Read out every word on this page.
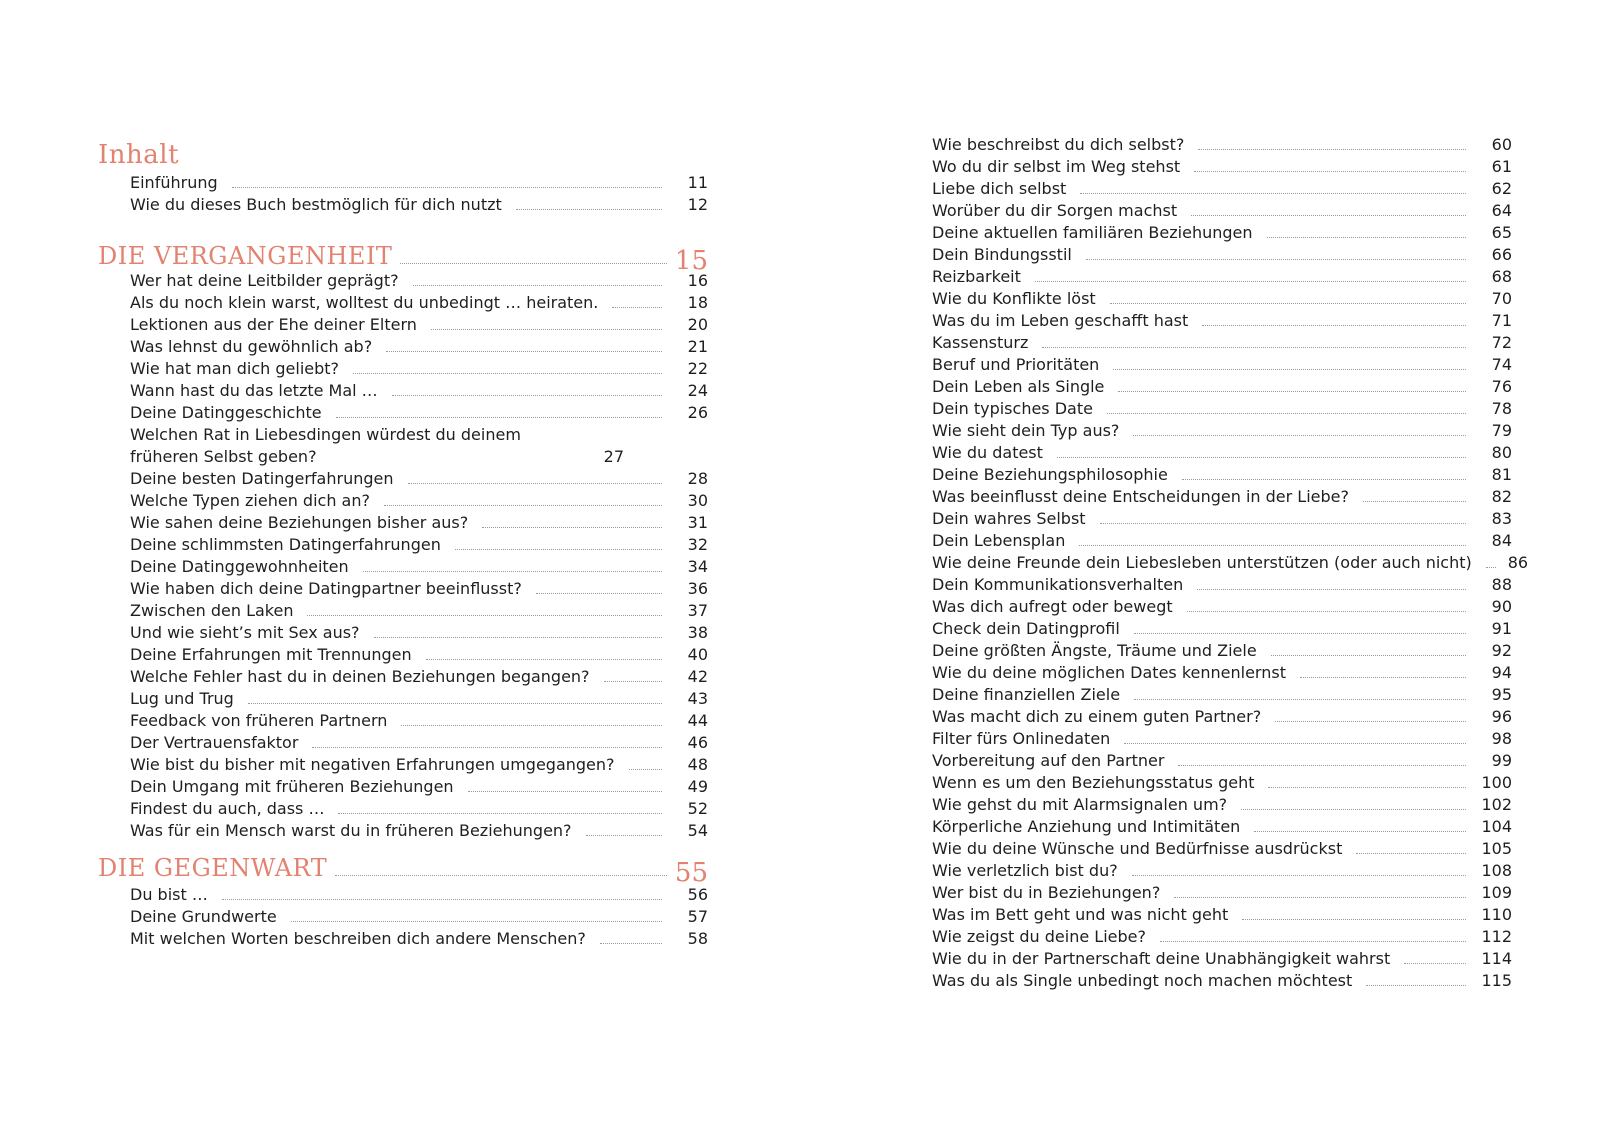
Inhalt
Einführung	11
Wie du dieses Buch bestmöglich für dich nutzt	12
DIE VERGANGENHEIT	15
Wer hat deine Leitbilder geprägt?	16
Als du noch klein warst, wolltest du unbedingt … heiraten.	18
Lektionen aus der Ehe deiner Eltern	20
Was lehnst du gewöhnlich ab?	21
Wie hat man dich geliebt?	22
Wann hast du das letzte Mal …	24
Deine Datinggeschichte	26
Welchen Rat in Liebesdingen würdest du deinem früheren Selbst geben?	27
Deine besten Datingerfahrungen	28
Welche Typen ziehen dich an?	30
Wie sahen deine Beziehungen bisher aus?	31
Deine schlimmsten Datingerfahrungen	32
Deine Datinggewohnheiten	34
Wie haben dich deine Datingpartner beeinflusst?	36
Zwischen den Laken	37
Und wie sieht’s mit Sex aus?	38
Deine Erfahrungen mit Trennungen	40
Welche Fehler hast du in deinen Beziehungen begangen?	42
Lug und Trug	43
Feedback von früheren Partnern	44
Der Vertrauensfaktor	46
Wie bist du bisher mit negativen Erfahrungen umgegangen?	48
Dein Umgang mit früheren Beziehungen	49
Findest du auch, dass …	52
Was für ein Mensch warst du in früheren Beziehungen?	54
DIE GEGENWART	55
Du bist …	56
Deine Grundwerte	57
Mit welchen Worten beschreiben dich andere Menschen?	58
Wie beschreibst du dich selbst?	60
Wo du dir selbst im Weg stehst	61
Liebe dich selbst	62
Worüber du dir Sorgen machst	64
Deine aktuellen familiären Beziehungen	65
Dein Bindungsstil	66
Reizbarkeit	68
Wie du Konflikte löst	70
Was du im Leben geschafft hast	71
Kassensturz	72
Beruf und Prioritäten	74
Dein Leben als Single	76
Dein typisches Date	78
Wie sieht dein Typ aus?	79
Wie du datest	80
Deine Beziehungsphilosophie	81
Was beeinflusst deine Entscheidungen in der Liebe?	82
Dein wahres Selbst	83
Dein Lebensplan	84
Wie deine Freunde dein Liebesleben unterstützen (oder auch nicht) 86
Dein Kommunikationsverhalten	88
Was dich aufregt oder bewegt	90
Check dein Datingprofil	91
Deine größten Ängste, Träume und Ziele	92
Wie du deine möglichen Dates kennenlernst	94
Deine finanziellen Ziele	95
Was macht dich zu einem guten Partner?	96
Filter fürs Onlinedaten	98
Vorbereitung auf den Partner	99
Wenn es um den Beziehungsstatus geht	100
Wie gehst du mit Alarmsignalen um?	102
Körperliche Anziehung und Intimitäten	104
Wie du deine Wünsche und Bedürfnisse ausdrückst	105
Wie verletzlich bist du?	108
Wer bist du in Beziehungen?	109
Was im Bett geht und was nicht geht	110
Wie zeigst du deine Liebe?	112
Wie du in der Partnerschaft deine Unabhängigkeit wahrst	114
Was du als Single unbedingt noch machen möchtest	115
